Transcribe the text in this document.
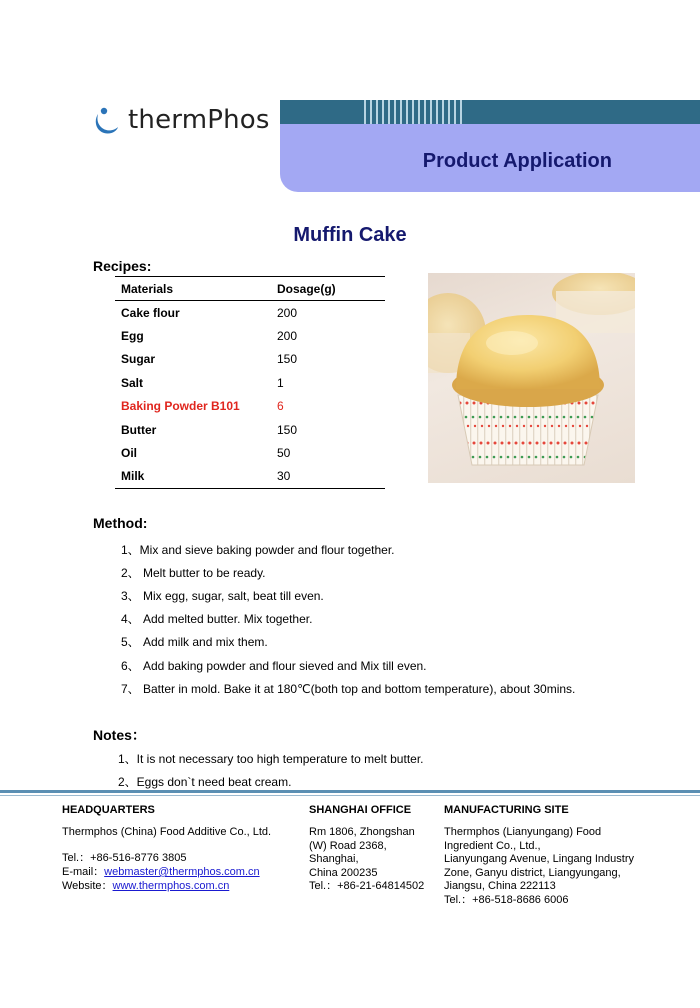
thermPhos
Product Application
Muffin Cake
Recipes:
Materials	Dosage(g)
Cake flour	200
Egg	200
Sugar	150
Salt	1
Baking Powder B101	6
Butter	150
Oil	50
Milk	30
Method:
1、Mix and sieve baking powder and flour together.
2、 Melt butter to be ready.
3、 Mix egg, sugar, salt, beat till even.
4、 Add melted butter. Mix together.
5、 Add milk and mix them.
6、 Add baking powder and flour sieved and Mix till even.
7、 Batter in mold. Bake it at 180℃(both top and bottom temperature), about 30mins.
Notes：
1、It is not necessary too high temperature to melt butter.
2、Eggs don`t need beat cream.
HEADQUARTERS
Thermphos (China) Food Additive Co., Ltd.
Tel.：+86-516-8776 3805
E-mail：webmaster@thermphos.com.cn
Website：www.thermphos.com.cn
SHANGHAI OFFICE
Rm 1806, Zhongshan
(W) Road 2368,
Shanghai,
China 200235
Tel.：+86-21-64814502
MANUFACTURING SITE
Thermphos (Lianyungang) Food
Ingredient Co., Ltd.,
Lianyungang Avenue, Lingang Industry
Zone, Ganyu district, Liangyungang,
Jiangsu, China 222113
Tel.：+86-518-8686 6006
